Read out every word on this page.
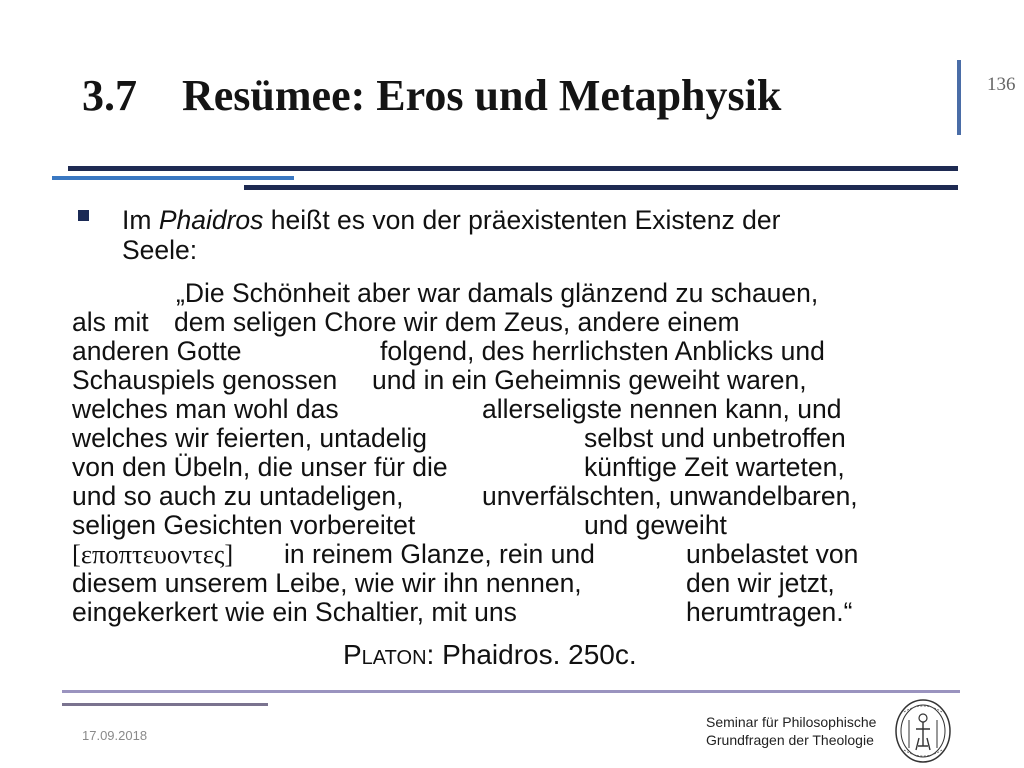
3.7 Resümee: Eros und Metaphysik	136
Im Phaidros heißt es von der präexistenten Existenz der
Seele:
„Die Schönheit aber war damals glänzend zu schauen,
als mit dem seligen Chore wir dem Zeus, andere einem
anderen Gotte	folgend, des herrlichsten Anblicks und
Schauspiels genossen und in ein Geheimnis geweiht waren,
welches man wohl das	allerseligste nennen kann, und
welches wir feierten, untadelig	selbst und unbetroffen
von den Übeln, die unser für die	künftige Zeit warteten,
und so auch zu untadeligen,	unverfälschten, unwandelbaren,
seligen Gesichten vorbereitet	und geweiht
[εποπτευοντες] in reinem Glanze, rein und	unbelastet von
diesem unserem Leibe, wie wir ihn nennen,	den wir jetzt,
eingekerkert wie ein Schaltier, mit uns	herumtragen.“
Platon: Phaidros. 250c.
17.09.2018
Seminar für Philosophische
Grundfragen der Theologie
